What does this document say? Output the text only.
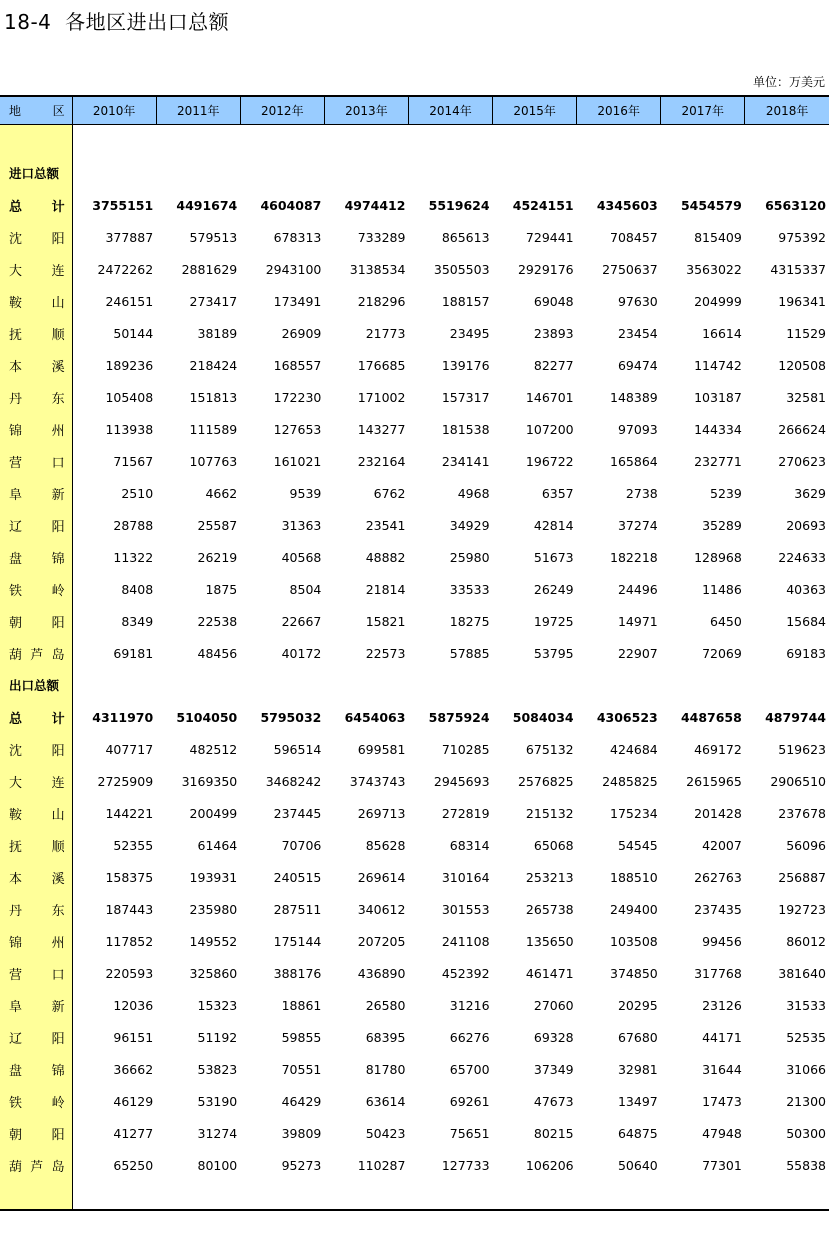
18-4  各地区进出口总额
单位：万美元
地 区	2010年	2011年	2012年	2013年	2014年	2015年	2016年	2017年	2018年

进口总额									
总 计	3755151	4491674	4604087	4974412	5519624	4524151	4345603	5454579	6563120
沈 阳	377887	579513	678313	733289	865613	729441	708457	815409	975392
大 连	2472262	2881629	2943100	3138534	3505503	2929176	2750637	3563022	4315337
鞍 山	246151	273417	173491	218296	188157	69048	97630	204999	196341
抚 顺	50144	38189	26909	21773	23495	23893	23454	16614	11529
本 溪	189236	218424	168557	176685	139176	82277	69474	114742	120508
丹 东	105408	151813	172230	171002	157317	146701	148389	103187	32581
锦 州	113938	111589	127653	143277	181538	107200	97093	144334	266624
营 口	71567	107763	161021	232164	234141	196722	165864	232771	270623
阜 新	2510	4662	9539	6762	4968	6357	2738	5239	3629
辽 阳	28788	25587	31363	23541	34929	42814	37274	35289	20693
盘 锦	11322	26219	40568	48882	25980	51673	182218	128968	224633
铁 岭	8408	1875	8504	21814	33533	26249	24496	11486	40363
朝 阳	8349	22538	22667	15821	18275	19725	14971	6450	15684
葫芦岛	69181	48456	40172	22573	57885	53795	22907	72069	69183
出口总额									
总 计	4311970	5104050	5795032	6454063	5875924	5084034	4306523	4487658	4879744
沈 阳	407717	482512	596514	699581	710285	675132	424684	469172	519623
大 连	2725909	3169350	3468242	3743743	2945693	2576825	2485825	2615965	2906510
鞍 山	144221	200499	237445	269713	272819	215132	175234	201428	237678
抚 顺	52355	61464	70706	85628	68314	65068	54545	42007	56096
本 溪	158375	193931	240515	269614	310164	253213	188510	262763	256887
丹 东	187443	235980	287511	340612	301553	265738	249400	237435	192723
锦 州	117852	149552	175144	207205	241108	135650	103508	99456	86012
营 口	220593	325860	388176	436890	452392	461471	374850	317768	381640
阜 新	12036	15323	18861	26580	31216	27060	20295	23126	31533
辽 阳	96151	51192	59855	68395	66276	69328	67680	44171	52535
盘 锦	36662	53823	70551	81780	65700	37349	32981	31644	31066
铁 岭	46129	53190	46429	63614	69261	47673	13497	17473	21300
朝 阳	41277	31274	39809	50423	75651	80215	64875	47948	50300
葫芦岛	65250	80100	95273	110287	127733	106206	50640	77301	55838
